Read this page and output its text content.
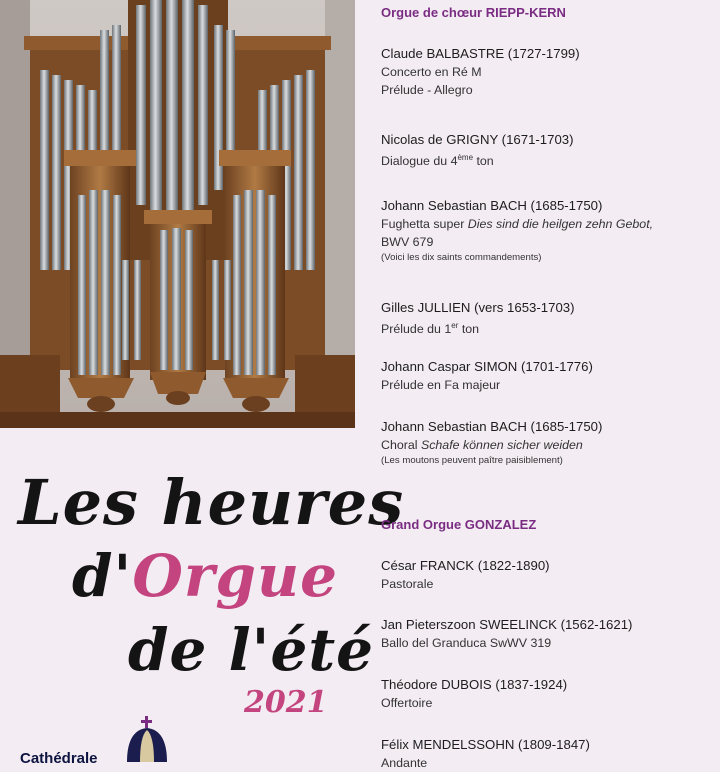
Les heures
d'Orgue
de l'été
2021
Cathédrale
Orgue de chœur RIEPP-KERN
Claude BALBASTRE (1727-1799)
Concerto en Ré M
Prélude - Allegro
Nicolas de GRIGNY (1671-1703)
Dialogue du 4ème ton
Johann Sebastian BACH (1685-1750)
Fughetta super Dies sind die heilgen zehn Gebot,
BWV 679
(Voici les dix saints commandements)
Gilles JULLIEN (vers 1653-1703)
Prélude du 1er ton
Johann Caspar SIMON (1701-1776)
Prélude en Fa majeur
Johann Sebastian BACH (1685-1750)
Choral Schafe können sicher weiden
(Les moutons peuvent paître paisiblement)
Grand Orgue GONZALEZ
César FRANCK (1822-1890)
Pastorale
Jan Pieterszoon SWEELINCK (1562-1621)
Ballo del Granduca SwWV 319
Théodore DUBOIS (1837-1924)
Offertoire
Félix MENDELSSOHN (1809-1847)
Andante
